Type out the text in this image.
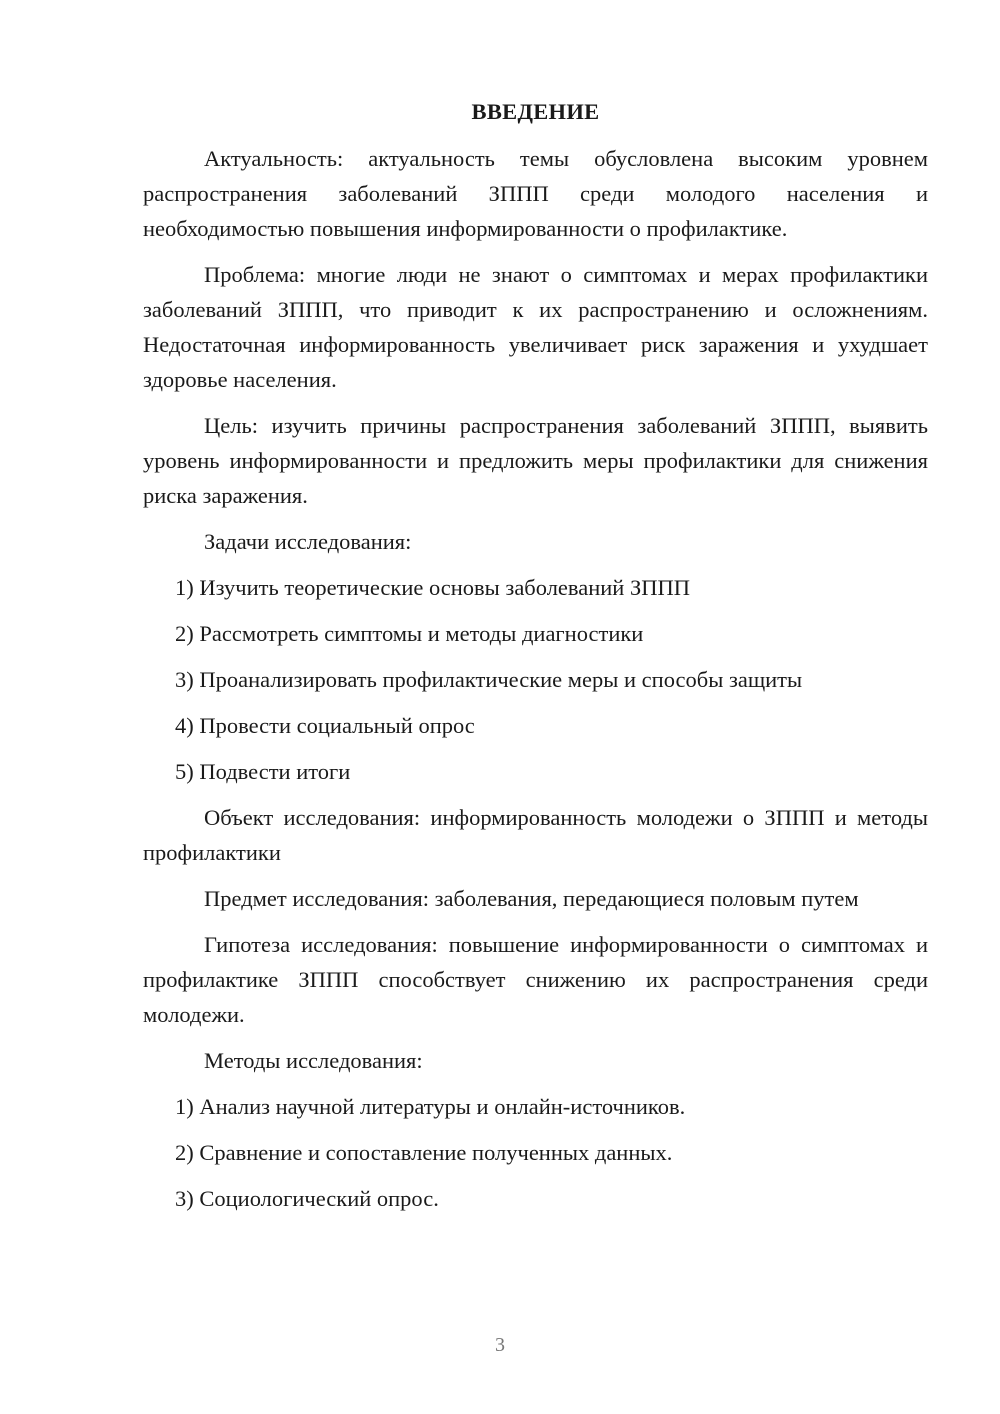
ВВЕДЕНИЕ

Актуальность: актуальность темы обусловлена высоким уровнем распространения заболеваний ЗППП среди молодого населения и необходимостью повышения информированности о профилактике.

Проблема: многие люди не знают о симптомах и мерах профилактики заболеваний ЗППП, что приводит к их распространению и осложнениям. Недостаточная информированность увеличивает риск заражения и ухудшает здоровье населения.

Цель: изучить причины распространения заболеваний ЗППП, выявить уровень информированности и предложить меры профилактики для снижения риска заражения.

Задачи исследования:

1) Изучить теоретические основы заболеваний ЗППП
2) Рассмотреть симптомы и методы диагностики
3) Проанализировать профилактические меры и способы защиты
4) Провести социальный опрос
5) Подвести итоги

Объект исследования: информированность молодежи о ЗППП и методы профилактики

Предмет исследования: заболевания, передающиеся половым путем

Гипотеза исследования: повышение информированности о симптомах и профилактике ЗППП способствует снижению их распространения среди молодежи.

Методы исследования:

1) Анализ научной литературы и онлайн-источников.
2) Сравнение и сопоставление полученных данных.
3) Социологический опрос.
3
